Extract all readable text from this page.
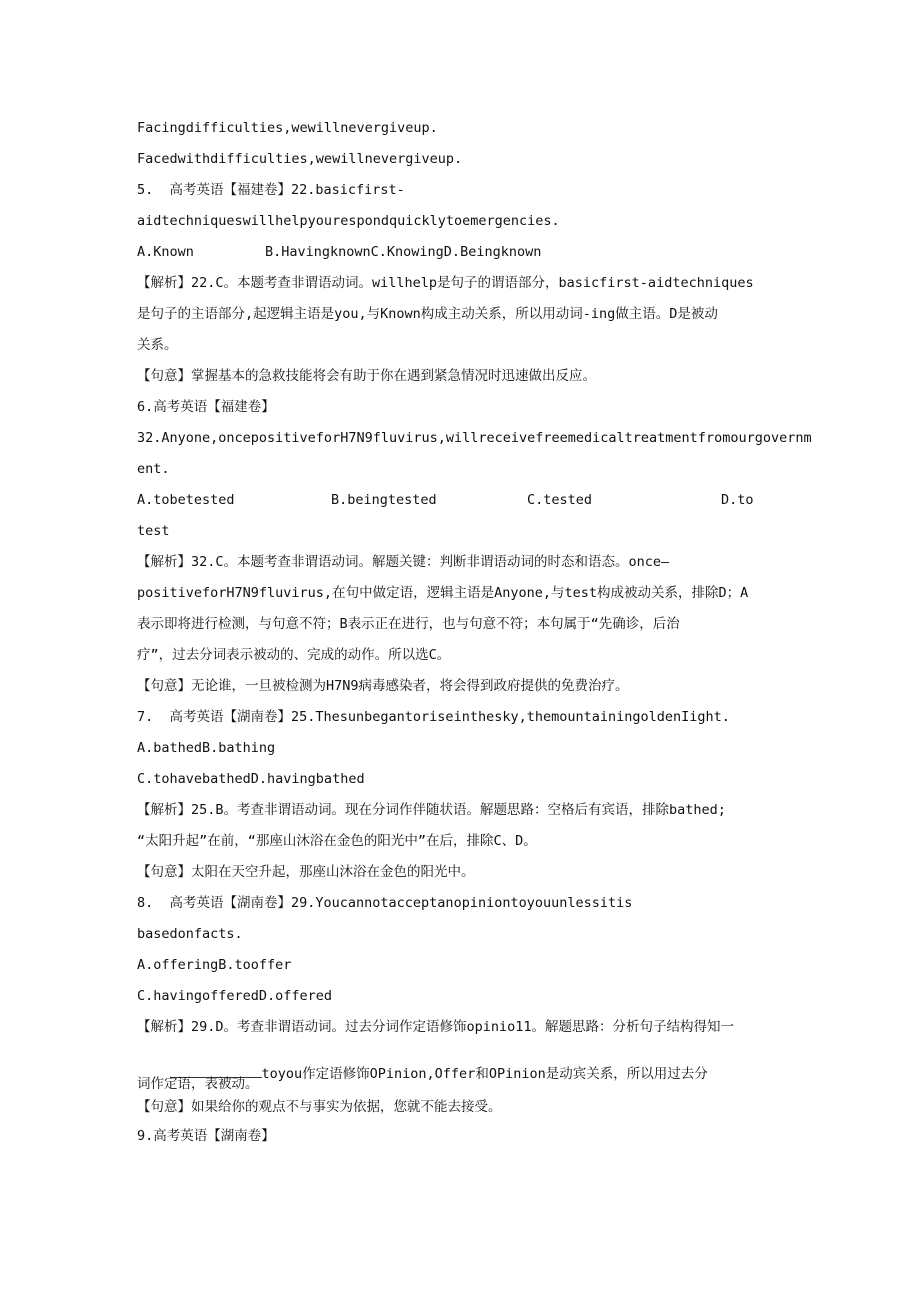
Facingdifficulties,wewillnevergiveup.
Facedwithdifficulties,wewillnevergiveup.
5.  高考英语【福建卷】22.basicfirst-
aidtechniqueswillhelpyourespondquicklytoemergencies.
A.Known	B.HavingknownC.KnowingD.Beingknown
【解析】22.C。本题考查非谓语动词。willhelp是句子的谓语部分，basicfirst-aidtechniques
是句子的主语部分,起逻辑主语是you,与Known构成主动关系，所以用动词-ing做主语。D是被动
关系。
【句意】掌握基本的急救技能将会有助于你在遇到紧急情况时迅速做出反应。
6.高考英语【福建卷】
32.Anyone,oncepositiveforH7N9fluvirus,willreceivefreemedicaltreatmentfromourgovernm
ent.
A.tobetested	B.beingtested	C.tested	D.to
test
【解析】32.C。本题考查非谓语动词。解题关键：判断非谓语动词的时态和语态。once—
positiveforH7N9fluvirus,在句中做定语，逻辑主语是Anyone,与test构成被动关系，排除D；A
表示即将进行检测，与句意不符；B表示正在进行，也与句意不符；本句属于“先确诊，后治
疗”，过去分词表示被动的、完成的动作。所以选C。
【句意】无论谁，一旦被检测为H7N9病毒感染者，将会得到政府提供的免费治疗。
7.  高考英语【湖南卷】25.Thesunbegantoriseinthesky,themountainingoldenIight.
A.bathedB.bathing
C.tohavebathedD.havingbathed
【解析】25.B。考查非谓语动词。现在分词作伴随状语。解题思路：空格后有宾语，排除bathed;
“太阳升起”在前，“那座山沐浴在金色的阳光中”在后，排除C、D。
【句意】太阳在天空升起，那座山沐浴在金色的阳光中。
8.  高考英语【湖南卷】29.Youcannotacceptanopiniontoyouunlessitis
basedonfacts.
A.offeringB.tooffer
C.havingofferedD.offered
【解析】29.D。考查非谓语动词。过去分词作定语修饰opinio11。解题思路：分析句子结构得知一

toyou作定语修饰OPinion,Offer和OPinion是动宾关系，所以用过去分

词作定语，表被动。
【句意】如果给你的观点不与事实为依据，您就不能去接受。
9.高考英语【湖南卷】
